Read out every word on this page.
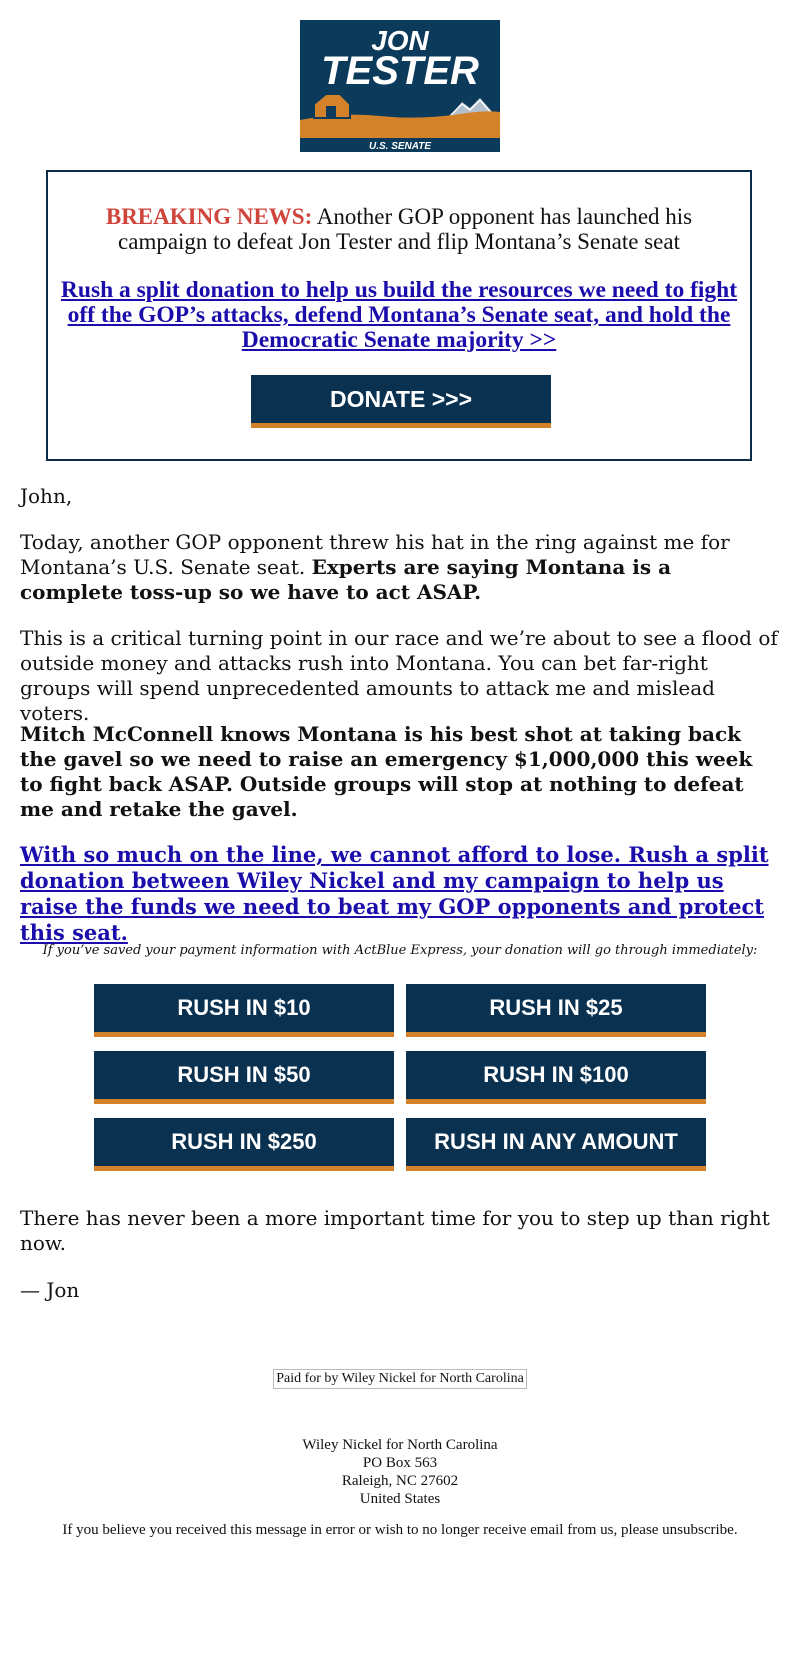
JON
TESTER
U.S. SENATE
BREAKING NEWS: Another GOP opponent has launched his campaign to defeat Jon Tester and flip Montana’s Senate seat
Rush a split donation to help us build the resources we need to fight off the GOP’s attacks, defend Montana’s Senate seat, and hold the Democratic Senate majority >>
DONATE >>>
John,
Today, another GOP opponent threw his hat in the ring against me for Montana’s U.S. Senate seat. Experts are saying Montana is a complete toss-up so we have to act ASAP.
This is a critical turning point in our race and we’re about to see a flood of outside money and attacks rush into Montana. You can bet far-right groups will spend unprecedented amounts to attack me and mislead voters.
Mitch McConnell knows Montana is his best shot at taking back the gavel so we need to raise an emergency $1,000,000 this week to fight back ASAP. Outside groups will stop at nothing to defeat me and retake the gavel.
With so much on the line, we cannot afford to lose. Rush a split donation between Wiley Nickel and my campaign to help us raise the funds we need to beat my GOP opponents and protect this seat.
If you’ve saved your payment information with ActBlue Express, your donation will go through immediately:
RUSH IN $10	RUSH IN $25
RUSH IN $50	RUSH IN $100
RUSH IN $250	RUSH IN ANY AMOUNT
There has never been a more important time for you to step up than right now.
— Jon
Paid for by Wiley Nickel for North Carolina
Wiley Nickel for North Carolina
PO Box 563
Raleigh, NC 27602
United States
If you believe you received this message in error or wish to no longer receive email from us, please unsubscribe.
